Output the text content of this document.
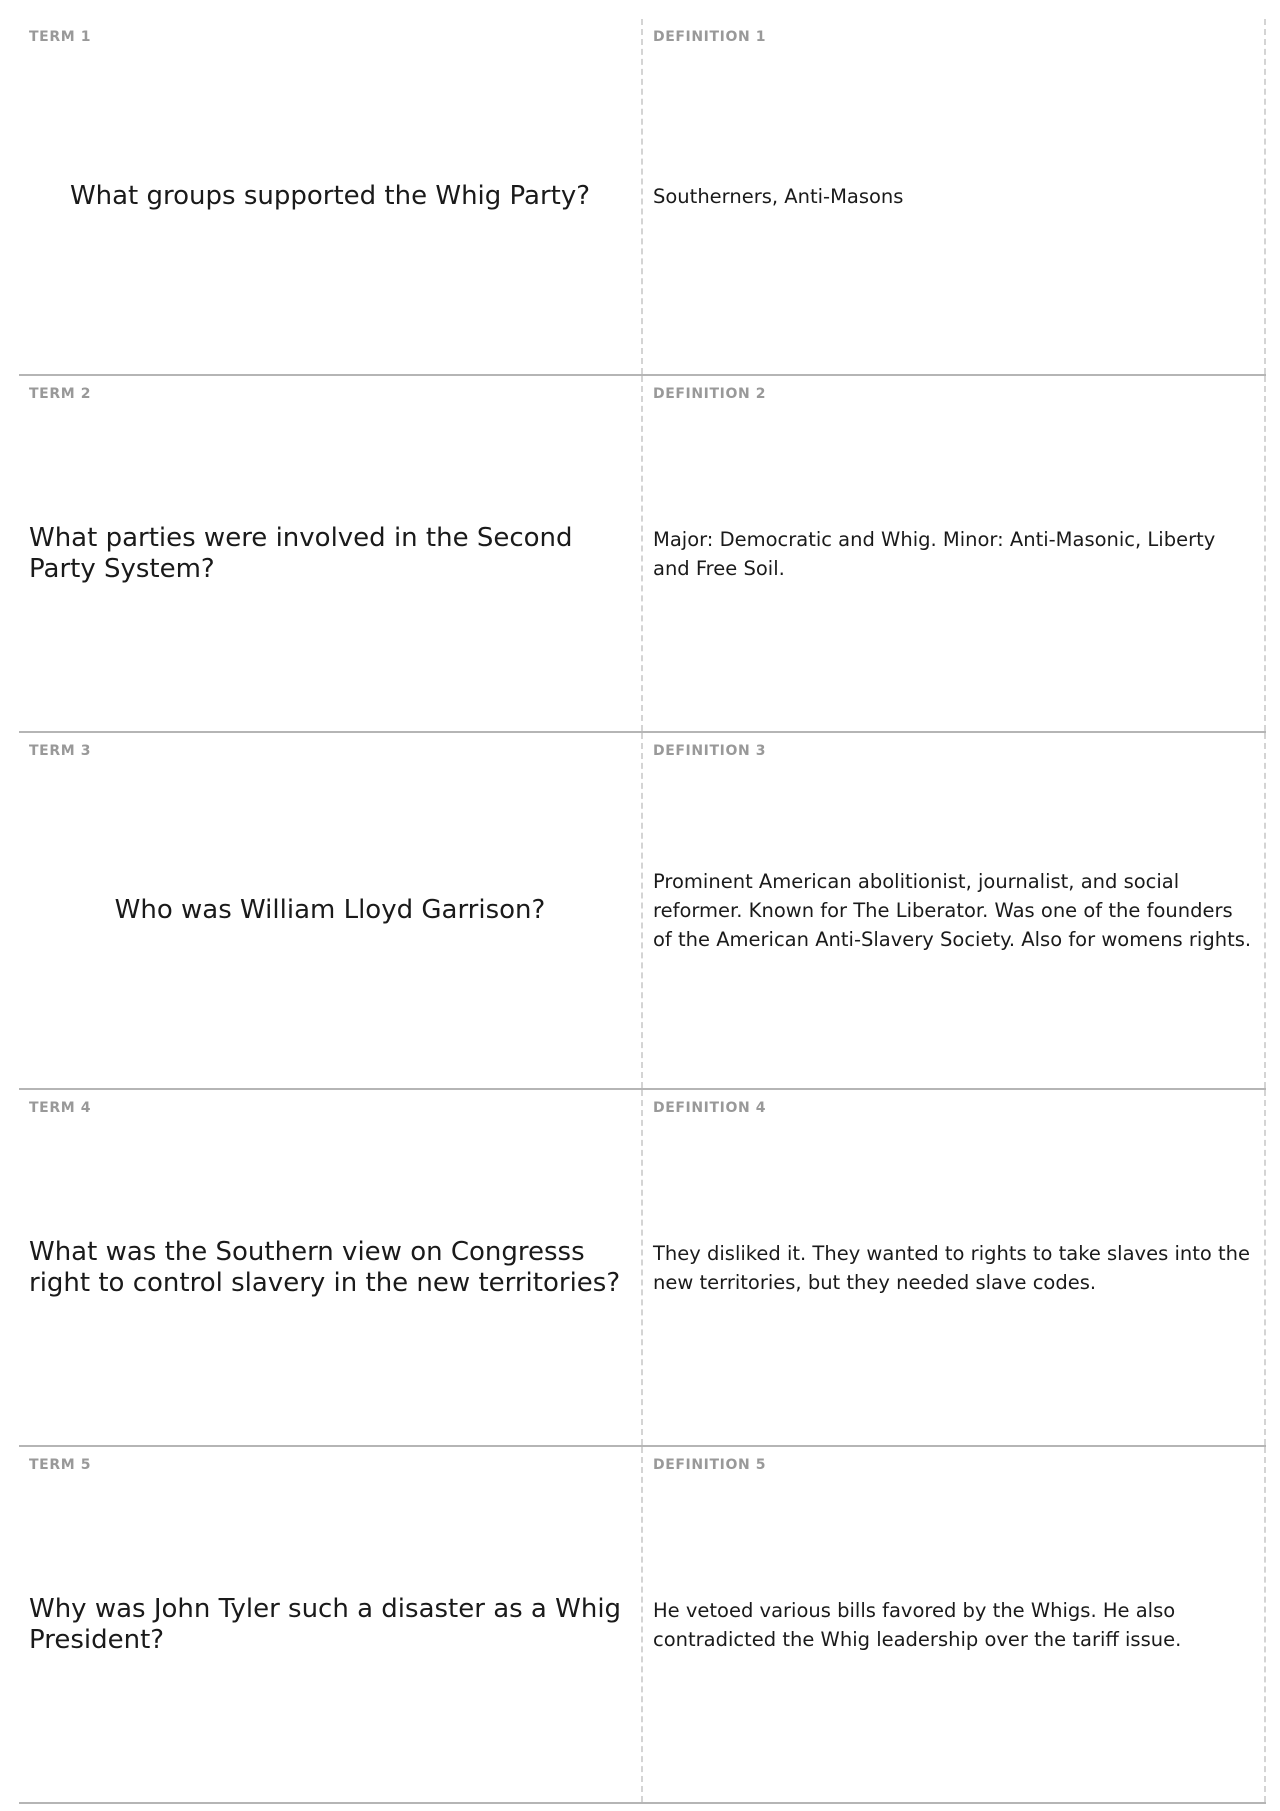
TERM 1
What groups supported the Whig Party?
DEFINITION 1
Southerners, Anti-Masons
TERM 2
What parties were involved in the Second Party System?
DEFINITION 2
Major: Democratic and Whig. Minor: Anti-Masonic, Liberty and Free Soil.
TERM 3
Who was William Lloyd Garrison?
DEFINITION 3
Prominent American abolitionist, journalist, and social reformer. Known for The Liberator. Was one of the founders of the American Anti-Slavery Society. Also for womens rights.
TERM 4
What was the Southern view on Congresss right to control slavery in the new territories?
DEFINITION 4
They disliked it. They wanted to rights to take slaves into the new territories, but they needed slave codes.
TERM 5
Why was John Tyler such a disaster as a Whig President?
DEFINITION 5
He vetoed various bills favored by the Whigs. He also contradicted the Whig leadership over the tariff issue.
